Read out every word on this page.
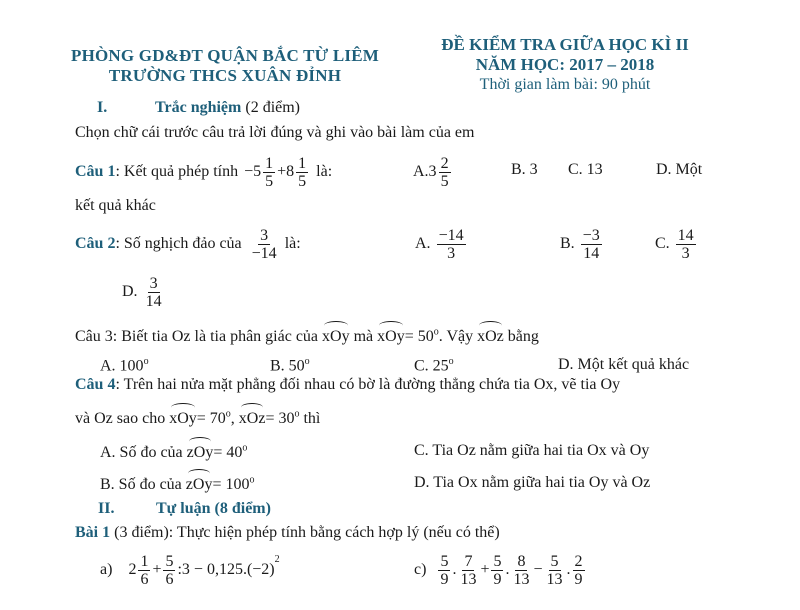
PHÒNG GD&ĐT QUẬN BẮC TỪ LIÊM
TRƯỜNG THCS XUÂN ĐỈNH
ĐỀ KIỂM TRA GIỮA HỌC KÌ II
NĂM HỌC: 2017 – 2018
Thời gian làm bài: 90 phút
I.	Trắc nghiệm (2 điểm)
Chọn chữ cái trước câu trả lời đúng và ghi vào bài làm của em
Câu 1 : Kết quả phép tính $-5 \frac{1}{5} +8 \frac{1}{5}$ là:	$A.3 \frac{2}{5}$	B. 3 C. 13	D. Một
kết quả khác
Câu 2 : Số nghịch đảo của $\frac{3}{-14}$ là:	A. $\frac{-14}{3}$	B. $\frac{-3}{14}$	C. $\frac{14}{3}$
D. $\frac{3}{14}$
Câu 3: Biết tia Oz là tia phân giác của xOy mà $xOy= 50^o$. Vậy xOz bằng
A. 100$^o$	B. 50$^o$	C. 25$^o$	D. Một kết quả khác
Câu 4: Trên hai nửa mặt phẳng đối nhau có bờ là đường thẳng chứa tia Ox, vẽ tia Oy
và Oz sao cho $xOy= 70^o$, $xOz= 30^o$ thì
A. Số đo của $zOy= 40^o$	C. Tia Oz nằm giữa hai tia Ox và Oy
B. Số đo của $zOy= 100^o$	D. Tia Ox nằm giữa hai tia Oy và Oz
II.	Tự luận (8 điểm)
Bài 1 (3 điểm): Thực hiện phép tính bằng cách hợp lý (nếu có thể)
a) $2 \frac{1}{6} + \frac{5}{6}$ :3 − 0,125.(−2)
$^2$
$c) \frac{5}{9}$ . $\frac{7}{13} + \frac{5}{9}$ . $\frac{8}{13} - \frac{5}{13}$ . $\frac{2}{9}$
